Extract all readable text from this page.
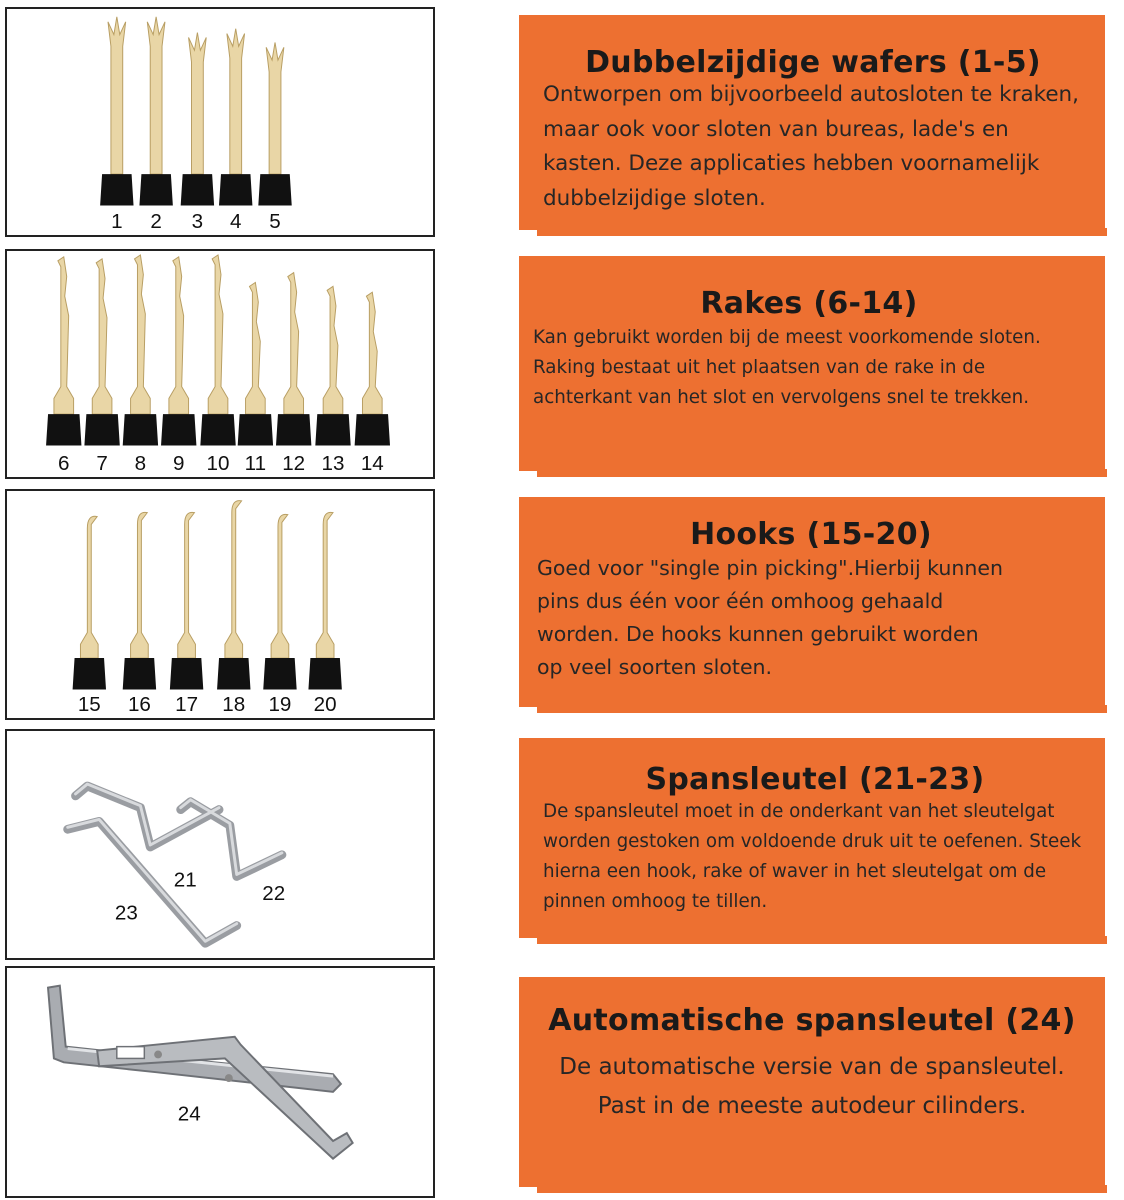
1 2 3 4 5
6 7 8 9 10 11 12 13 14
15 16 17 18 19 20
21
22
23
24
Dubbelzijdige wafers (1-5)

Ontworpen om bijvoorbeeld autosloten te kraken, maar ook voor sloten van bureas, lade's en kasten. Deze applicaties hebben voornamelijk dubbelzijdige sloten.

Rakes (6-14)

Kan gebruikt worden bij de meest voorkomende sloten. Raking bestaat uit het plaatsen van de rake in de achterkant van het slot en vervolgens snel te trekken.

Hooks (15-20)

Goed voor "single pin picking".Hierbij kunnen pins dus één voor één omhoog gehaald worden. De hooks kunnen gebruikt worden op veel soorten sloten.

Spansleutel (21-23)

De spansleutel moet in de onderkant van het sleutelgat worden gestoken om voldoende druk uit te oefenen. Steek hierna een hook, rake of waver in het sleutelgat om de pinnen omhoog te tillen.

Automatische spansleutel (24)

De automatische versie van de spansleutel.

Past in de meeste autodeur cilinders.
